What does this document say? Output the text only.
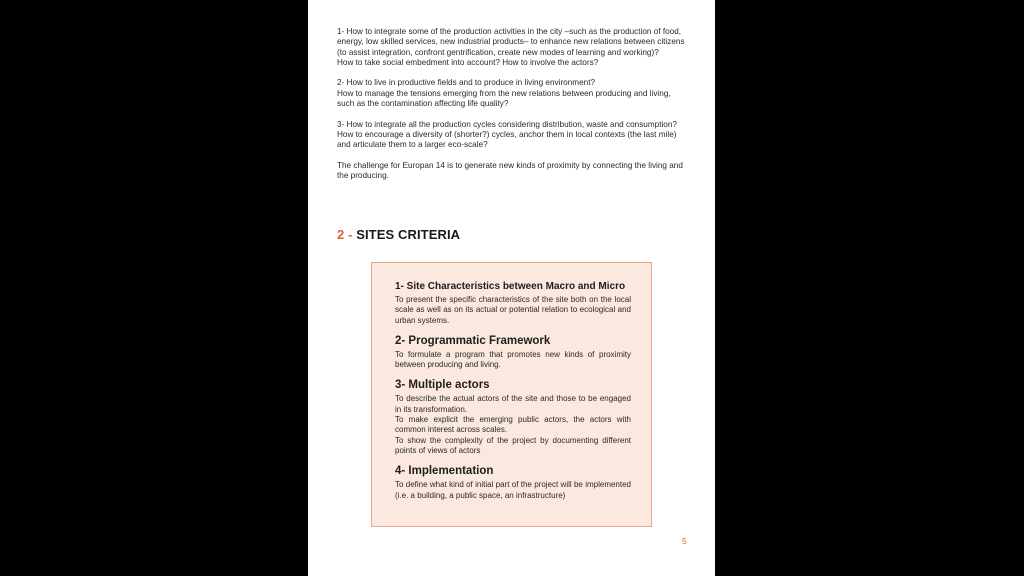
1- How to integrate some of the production activities in the city –such as the production of food, energy, low skilled services, new industrial products– to enhance new relations between citizens (to assist integration, confront gentrification, create new modes of learning and working)?
How to take social embedment into account? How to involve the actors?

2- How to live in productive fields and to produce in living environment?
How to manage the tensions emerging from the new relations between producing and living, such as the contamination affecting life quality?

3- How to integrate all the production cycles considering distribution, waste and consumption?
How to encourage a diversity of (shorter?) cycles, anchor them in local contexts (the last mile) and articulate them to a larger eco-scale?

The challenge for Europan 14 is to generate new kinds of proximity by connecting the living and the producing.

2 - SITES CRITERIA
1- Site Characteristics between Macro and Micro
To present the specific characteristics of the site both on the local scale as well as on its actual or potential relation to ecological and urban systems.
2- Programmatic Framework
To formulate a program that promotes new kinds of proximity between producing and living.
3- Multiple actors
To describe the actual actors of the site and those to be engaged in its transformation.
To make explicit the emerging public actors, the actors with common interest across scales.
To show the complexity of the project by documenting different points of views of actors
4- Implementation
To define what kind of initial part of the project will be implemented (i.e. a building, a public space, an infrastructure)
5
